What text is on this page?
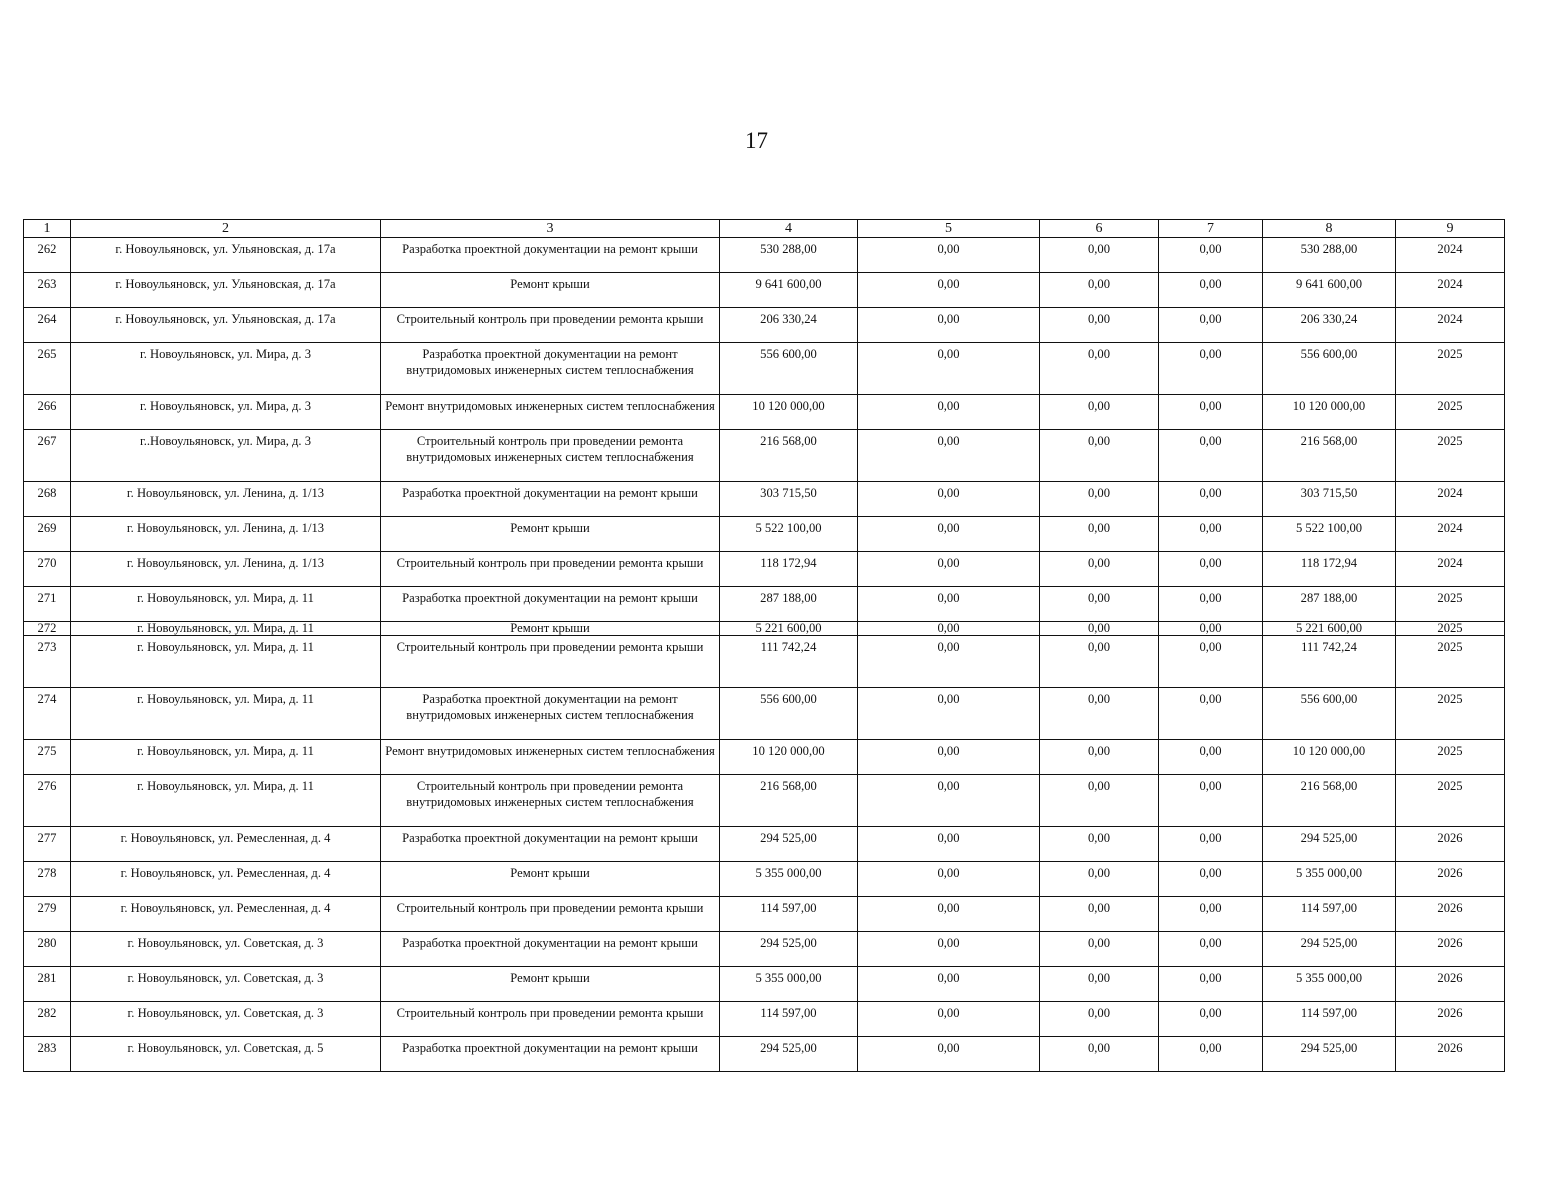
17
1	2	3	4	5	6	7	8	9
262	г. Новоульяновск, ул. Ульяновская, д. 17а	Разработка проектной документации на ремонт крыши	530 288,00	0,00	0,00	0,00	530 288,00	2024
263	г. Новоульяновск, ул. Ульяновская, д. 17а	Ремонт крыши	9 641 600,00	0,00	0,00	0,00	9 641 600,00	2024
264	г. Новоульяновск, ул. Ульяновская, д. 17а	Строительный контроль при проведении ремонта крыши	206 330,24	0,00	0,00	0,00	206 330,24	2024
265	г. Новоульяновск, ул. Мира, д. 3	Разработка проектной документации на ремонт внутридомовых инженерных систем теплоснабжения	556 600,00	0,00	0,00	0,00	556 600,00	2025
266	г. Новоульяновск, ул. Мира, д. 3	Ремонт внутридомовых инженерных систем теплоснабжения	10 120 000,00	0,00	0,00	0,00	10 120 000,00	2025
267	г..Новоульяновск, ул. Мира, д. 3	Строительный контроль при проведении ремонта внутридомовых инженерных систем теплоснабжения	216 568,00	0,00	0,00	0,00	216 568,00	2025
268	г. Новоульяновск, ул. Ленина, д. 1/13	Разработка проектной документации на ремонт крыши	303 715,50	0,00	0,00	0,00	303 715,50	2024
269	г. Новоульяновск, ул. Ленина, д. 1/13	Ремонт крыши	5 522 100,00	0,00	0,00	0,00	5 522 100,00	2024
270	г. Новоульяновск, ул. Ленина, д. 1/13	Строительный контроль при проведении ремонта крыши	118 172,94	0,00	0,00	0,00	118 172,94	2024
271	г. Новоульяновск, ул. Мира, д. 11	Разработка проектной документации на ремонт крыши	287 188,00	0,00	0,00	0,00	287 188,00	2025
272	г. Новоульяновск, ул. Мира, д. 11	Ремонт крыши	5 221 600,00	0,00	0,00	0,00	5 221 600,00	2025
273	г. Новоульяновск, ул. Мира, д. 11	Строительный контроль при проведении ремонта крыши	111 742,24	0,00	0,00	0,00	111 742,24	2025
274	г. Новоульяновск, ул. Мира, д. 11	Разработка проектной документации на ремонт внутридомовых инженерных систем теплоснабжения	556 600,00	0,00	0,00	0,00	556 600,00	2025
275	г. Новоульяновск, ул. Мира, д. 11	Ремонт внутридомовых инженерных систем теплоснабжения	10 120 000,00	0,00	0,00	0,00	10 120 000,00	2025
276	г. Новоульяновск, ул. Мира, д. 11	Строительный контроль при проведении ремонта внутридомовых инженерных систем теплоснабжения	216 568,00	0,00	0,00	0,00	216 568,00	2025
277	г. Новоульяновск, ул. Ремесленная, д. 4	Разработка проектной документации на ремонт крыши	294 525,00	0,00	0,00	0,00	294 525,00	2026
278	г. Новоульяновск, ул. Ремесленная, д. 4	Ремонт крыши	5 355 000,00	0,00	0,00	0,00	5 355 000,00	2026
279	г. Новоульяновск, ул. Ремесленная, д. 4	Строительный контроль при проведении ремонта крыши	114 597,00	0,00	0,00	0,00	114 597,00	2026
280	г. Новоульяновск, ул. Советская, д. 3	Разработка проектной документации на ремонт крыши	294 525,00	0,00	0,00	0,00	294 525,00	2026
281	г. Новоульяновск, ул. Советская, д. 3	Ремонт крыши	5 355 000,00	0,00	0,00	0,00	5 355 000,00	2026
282	г. Новоульяновск, ул. Советская, д. 3	Строительный контроль при проведении ремонта крыши	114 597,00	0,00	0,00	0,00	114 597,00	2026
283	г. Новоульяновск, ул. Советская, д. 5	Разработка проектной документации на ремонт крыши	294 525,00	0,00	0,00	0,00	294 525,00	2026
